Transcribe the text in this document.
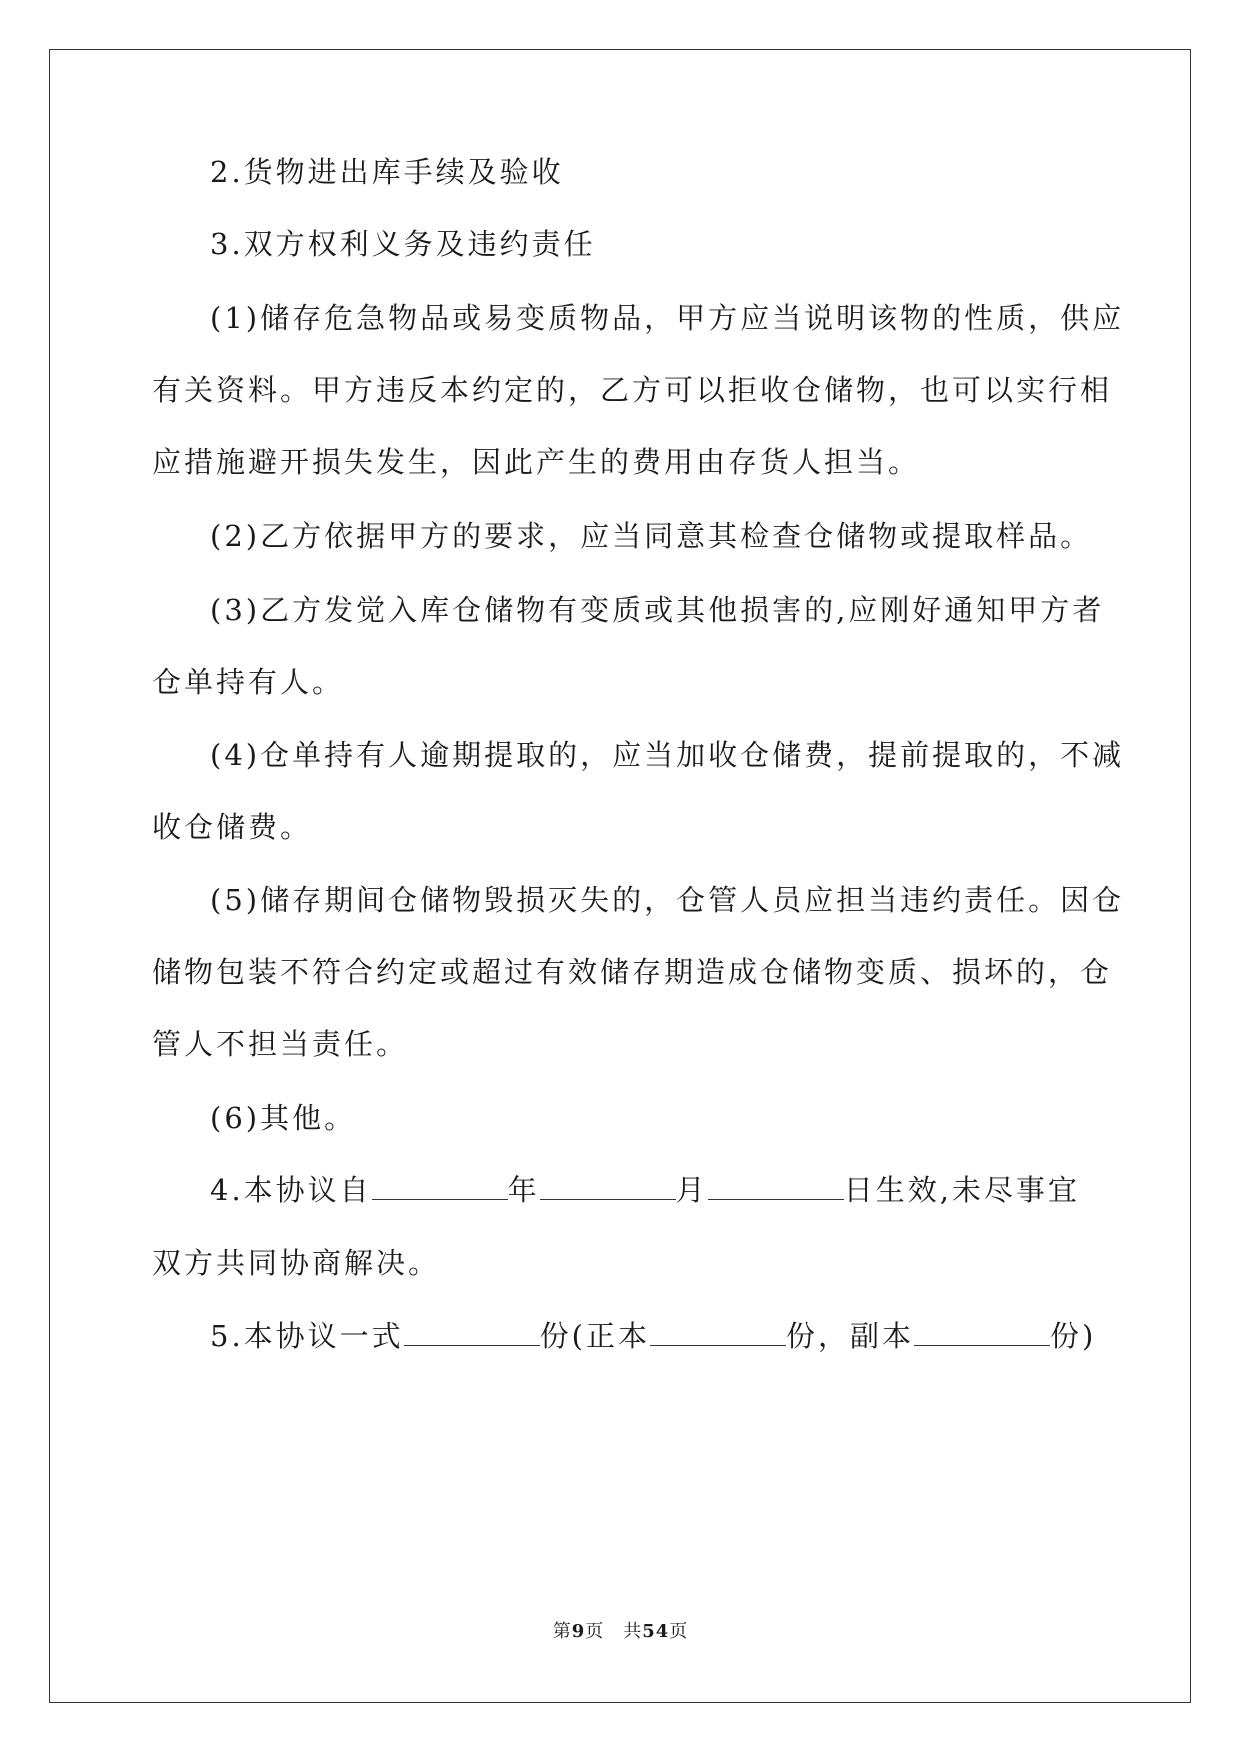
2.货物进出库手续及验收
3.双方权利义务及违约责任
(1)储存危急物品或易变质物品，甲方应当说明该物的性质，供应
有关资料。甲方违反本约定的，乙方可以拒收仓储物，也可以实行相
应措施避开损失发生，因此产生的费用由存货人担当。
(2)乙方依据甲方的要求，应当同意其检查仓储物或提取样品。
(3)乙方发觉入库仓储物有变质或其他损害的,应刚好通知甲方者
仓单持有人。
(4)仓单持有人逾期提取的，应当加收仓储费，提前提取的，不减
收仓储费。
(5)储存期间仓储物毁损灭失的，仓管人员应担当违约责任。因仓
储物包装不符合约定或超过有效储存期造成仓储物变质、损坏的，仓
管人不担当责任。
(6)其他。
4.本协议自	年	月	日生效,未尽事宜
双方共同协商解决。
5.本协议一式	份(正本	份，副本	份)
第9页　共54页
